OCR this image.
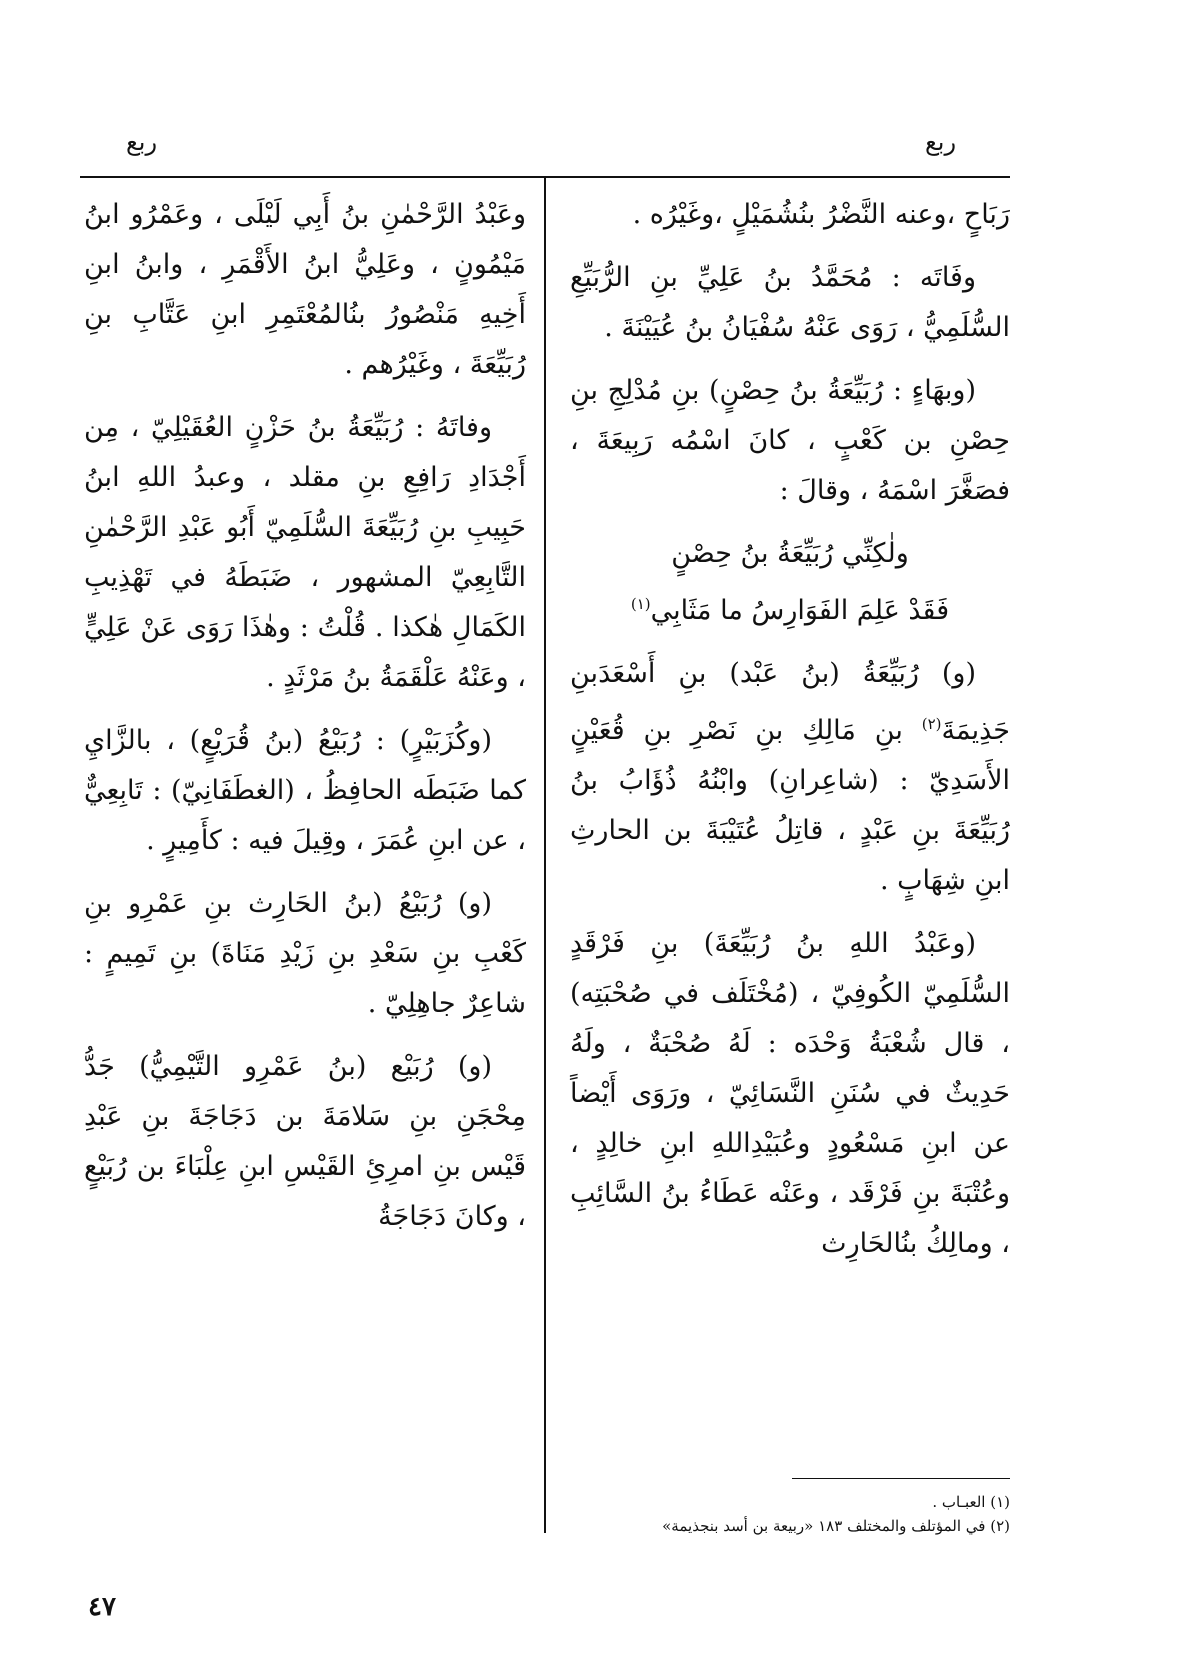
ربع
ربع

رَبَاحٍ ،وعنه النَّضْرُ بنُشُمَيْلٍ ،وغَيْرُه .

وفَاتَه : مُحَمَّدُ بنُ عَلِيِّ بنِ الرُّبَيِّعِ السُّلَمِيُّ ، رَوَى عَنْهُ سُفْيَانُ بنُ عُيَيْنَةَ .

(وبهَاءٍ : رُبَيِّعَةُ بنُ حِصْنٍ) بنِ مُدْلِجِ بنِ حِصْنِ بن كَعْبٍ ، كانَ اسْمُه رَبِيعَةَ ، فصَغَّرَ اسْمَهُ ، وقالَ :

ولٰكِنِّي رُبَيِّعَةُ بنُ حِصْنٍ

فَقَدْ عَلِمَ الفَوَارِسُ ما مَثَابِي$^{(١)}$

(و) رُبَيِّعَةُ (بنُ عَبْد) بنِ أَسْعَدَبنِ جَذِيمَةَ$^{(٢)}$ بنِ مَالِكِ بنِ نَصْرِ بنِ قُعَيْنٍ الأَسَدِيّ : (شاعِرانِ) وابْنُهُ ذُؤَابُ بنُ رُبَيِّعَةَ بنِ عَبْدٍ ، قاتِلُ عُتَيْبَةَ بن الحارثِ ابنِ شِهَابٍ .

(وعَبْدُ اللهِ بنُ رُبَيِّعَةَ) بنِ فَرْقَدٍ السُّلَمِيّ الكُوفِيّ ، (مُخْتَلَف في صُحْبَتِه) ، قال شُعْبَةُ وَحْدَه : لَهُ صُحْبَةٌ ، ولَهُ حَدِيثٌ في سُنَنِ النَّسَائِيّ ، ورَوَى أَيْضاً عن ابنِ مَسْعُودٍ وعُبَيْدِاللهِ ابنِ خالِدٍ ، وعُتْبَةَ بنِ فَرْقَد ، وعَنْه عَطَاءُ بنُ السَّائِبِ ، ومالِكُ بنُالحَارِث

وعَبْدُ الرَّحْمٰنِ بنُ أَبِي لَيْلَى ، وعَمْرُو ابنُ مَيْمُونٍ ، وعَلِيُّ ابنُ الأَقْمَرِ ، وابنُ ابنِ أَخِيهِ مَنْصُورُ بنُالمُعْتَمِرِ ابنِ عَتَّابِ بنِ رُبَيِّعَةَ ، وغَيْرُهم .

وفاتَهُ : رُبَيِّعَةُ بنُ حَزْنٍ العُقَيْلِيّ ، مِن أَجْدَادِ رَافِعِ بنِ مقلد ، وعبدُ اللهِ ابنُ حَبِيبِ بنِ رُبَيِّعَةَ السُّلَمِيّ أَبُو عَبْدِ الرَّحْمٰنِ التَّابِعِيّ المشهور ، ضَبَطَهُ في تَهْذِيبِ الكَمَالِ هٰكذا . قُلْتُ : وهٰذَا رَوَى عَنْ عَلِيٍّ ، وعَنْهُ عَلْقَمَةُ بنُ مَرْثَدٍ .

(وكُزَبَيْرٍ) : رُبَيْعُ (بنُ قُرَيْعٍ) ، بالزَّايِ كما ضَبَطَه الحافِظُ ، (الغطَفَانِيّ) : تَابِعِيٌّ ، عن ابنِ عُمَرَ ، وقِيلَ فيه : كأَمِيرٍ .

(و) رُبَيْعُ (بنُ الحَارِث بنِ عَمْرِو بنِ كَعْبِ بنِ سَعْدِ بنِ زَيْدِ مَنَاةَ) بنِ تَمِيمٍ : شاعِرٌ جاهِلِيّ .

(و) رُبَيْع (بنُ عَمْرِو التَّيْمِيُّ) جَدُّ مِحْجَنِ بنِ سَلامَةَ بن دَجَاجَةَ بنِ عَبْدِ قَيْس بنِ امرِئِ القَيْسِ ابنِ عِلْبَاءَ بن رُبَيْعٍ ، وكانَ دَجَاجَةُ

(١) العبـاب .
(٢) في المؤتلف والمختلف ١٨٣ «ربيعة بن أسد بنجذيمة»
٤٧
